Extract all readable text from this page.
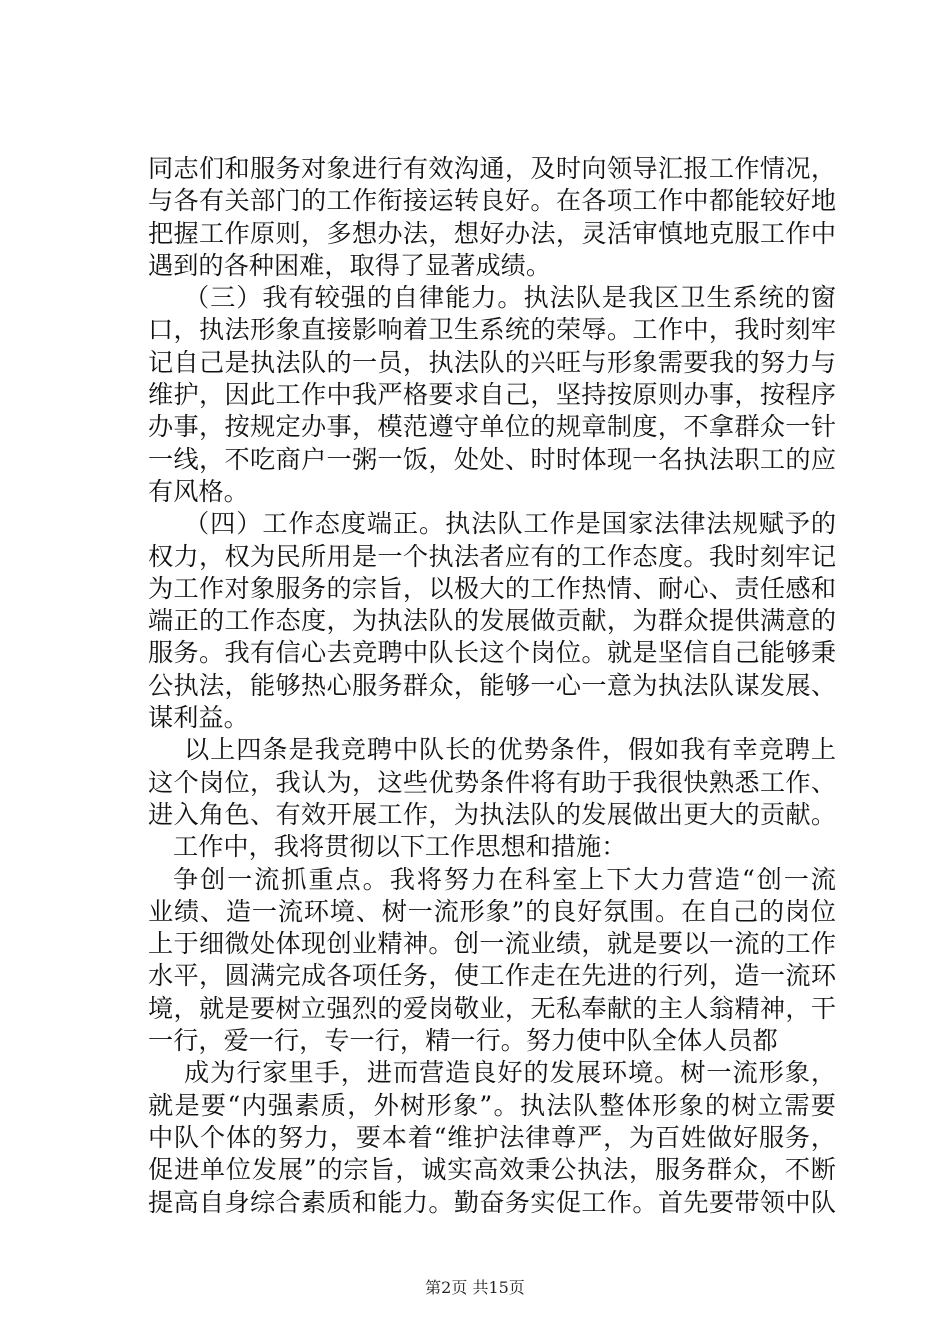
同志们和服务对象进行有效沟通，及时向领导汇报工作情况，
与各有关部门的工作衔接运转良好。在各项工作中都能较好地
把握工作原则，多想办法，想好办法，灵活审慎地克服工作中
遇到的各种困难，取得了显著成绩。
（三）我有较强的自律能力。执法队是我区卫生系统的窗
口，执法形象直接影响着卫生系统的荣辱。工作中，我时刻牢
记自己是执法队的一员，执法队的兴旺与形象需要我的努力与
维护，因此工作中我严格要求自己，坚持按原则办事，按程序
办事，按规定办事，模范遵守单位的规章制度，不拿群众一针
一线，不吃商户一粥一饭，处处、时时体现一名执法职工的应
有风格。
（四）工作态度端正。执法队工作是国家法律法规赋予的
权力，权为民所用是一个执法者应有的工作态度。我时刻牢记
为工作对象服务的宗旨，以极大的工作热情、耐心、责任感和
端正的工作态度，为执法队的发展做贡献，为群众提供满意的
服务。我有信心去竞聘中队长这个岗位。就是坚信自己能够秉
公执法，能够热心服务群众，能够一心一意为执法队谋发展、
谋利益。
以上四条是我竞聘中队长的优势条件，假如我有幸竞聘上
这个岗位，我认为，这些优势条件将有助于我很快熟悉工作、
进入角色、有效开展工作，为执法队的发展做出更大的贡献。
工作中，我将贯彻以下工作思想和措施：
争创一流抓重点。我将努力在科室上下大力营造“创一流
业绩、造一流环境、树一流形象”的良好氛围。在自己的岗位
上于细微处体现创业精神。创一流业绩，就是要以一流的工作
水平，圆满完成各项任务，使工作走在先进的行列，造一流环
境，就是要树立强烈的爱岗敬业，无私奉献的主人翁精神，干
一行，爱一行，专一行，精一行。努力使中队全体人员都
成为行家里手，进而营造良好的发展环境。树一流形象，
就是要“内强素质，外树形象”。执法队整体形象的树立需要
中队个体的努力，要本着“维护法律尊严，为百姓做好服务，
促进单位发展”的宗旨，诚实高效秉公执法，服务群众，不断
提高自身综合素质和能力。勤奋务实促工作。首先要带领中队
第2页 共15页
